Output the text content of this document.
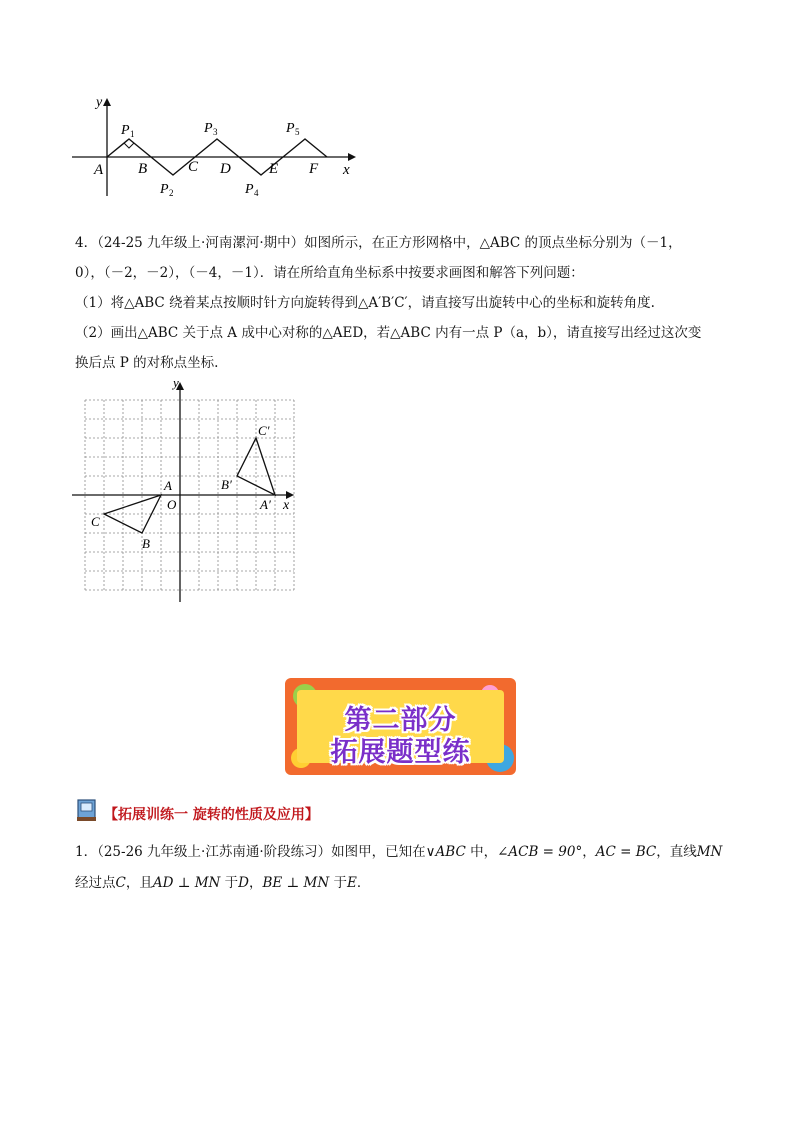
y
x
A B	C D	E F
P 1	P 3	P 5
P 2	P 4
4．（24-25 九年级上·河南漯河·期中）如图所示，在正方形网格中，△ABC 的顶点坐标分别为（－1，
0），（－2，－2），（－4，－1）．请在所给直角坐标系中按要求画图和解答下列问题：
（1）将△ABC 绕着某点按顺时针方向旋转得到△A′B′C′，请直接写出旋转中心的坐标和旋转角度.
（2）画出△ABC 关于点 A 成中心对称的△AED，若△ABC 内有一点 P（a，b），请直接写出经过这次变
换后点 P 的对称点坐标.
y
x
O
A
B
C
C′
B′
A′
第二部分
拓展题型练
【拓展训练一 旋转的性质及应用】
1．（25-26 九年级上·江苏南通·阶段练习）如图甲，已知在∨ABC 中，∠ACB = 90°，AC = BC，直线MN
经过点C，且AD ⊥ MN 于D，BE ⊥ MN 于E．
